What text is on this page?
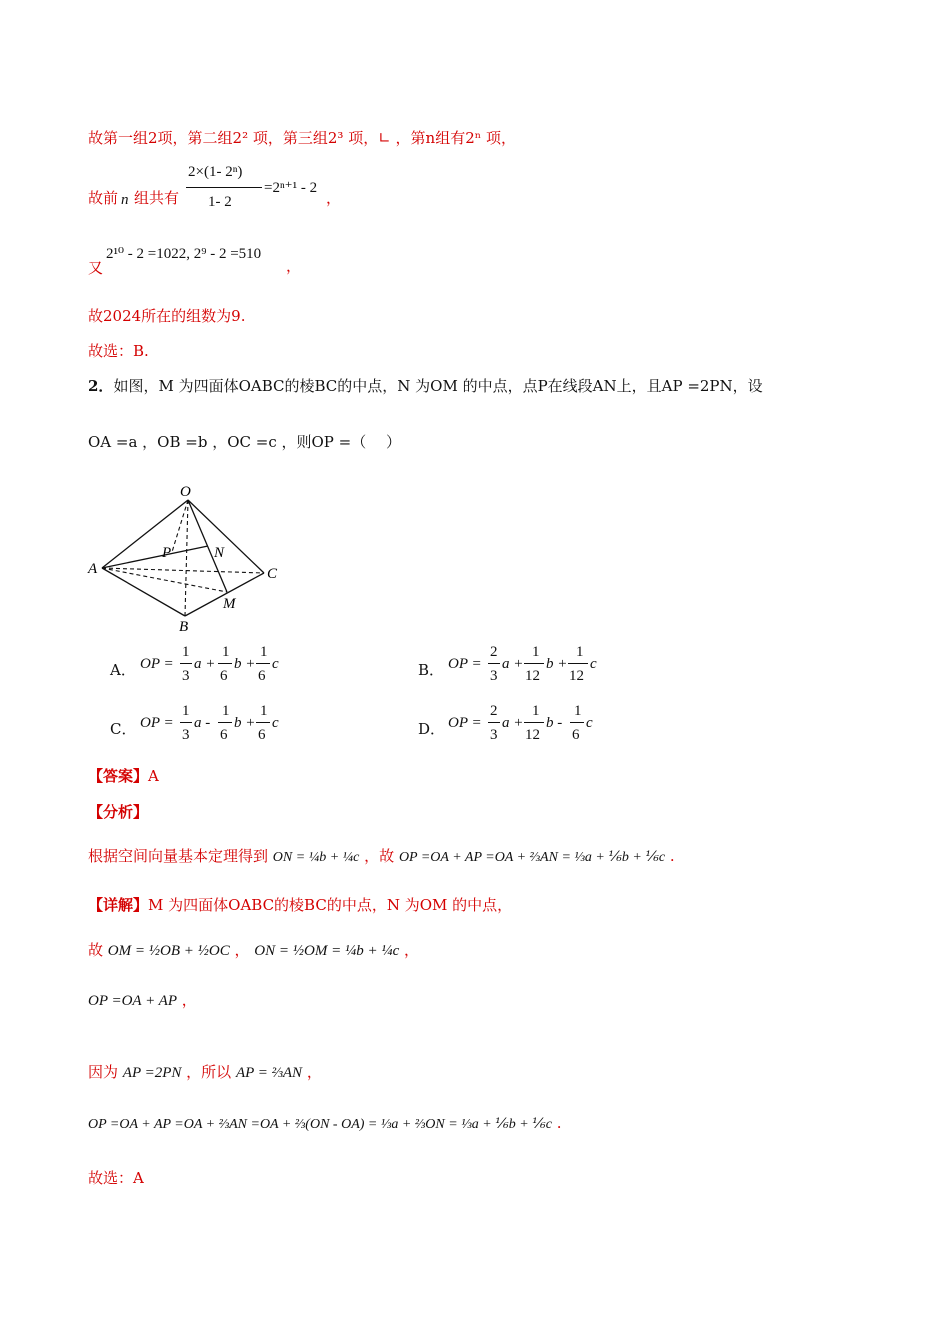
故第一组2项，第二组2² 项，第三组2³ 项，∟ ，第n组有2ⁿ 项，
故前 n 组共有
2×(1- 2ⁿ)
1- 2
=2ⁿ⁺¹ - 2
，
又
2¹⁰ - 2 =1022, 2⁹ - 2 =510
，
故2024所在的组数为9.
故选：B.
2．如图，M 为四面体OABC的棱BC的中点，N 为OM 的中点，点P在线段AN上，且AP =2PN，设
OA =a ，OB =b ，OC =c ，则OP =（　 ）
O
A
B
C
P	N
M
A． OP =
1
3
a +
1
6
b +
1
6
c	B． OP =
2
3
a +
1
12
b +
1
12
c
C． OP =
1
3
a -
1
6
b +
1
6
c	D． OP =
2
3
a +
1
12
b -
1
6
c
【答案】A
【分析】
根据空间向量基本定理得到 ON = ¼b + ¼c ，故 OP =OA + AP =OA + ⅔AN = ⅓a + ⅙b + ⅙c .
【详解】M 为四面体OABC的棱BC的中点，N 为OM 的中点，
故 OM = ½OB + ½OC ， ON = ½OM = ¼b + ¼c ，
OP =OA + AP ，
因为 AP =2PN ，所以 AP = ⅔AN ，
OP =OA + AP =OA + ⅔AN =OA + ⅔(ON - OA) = ⅓a + ⅔ON = ⅓a + ⅙b + ⅙c .
故选：A
